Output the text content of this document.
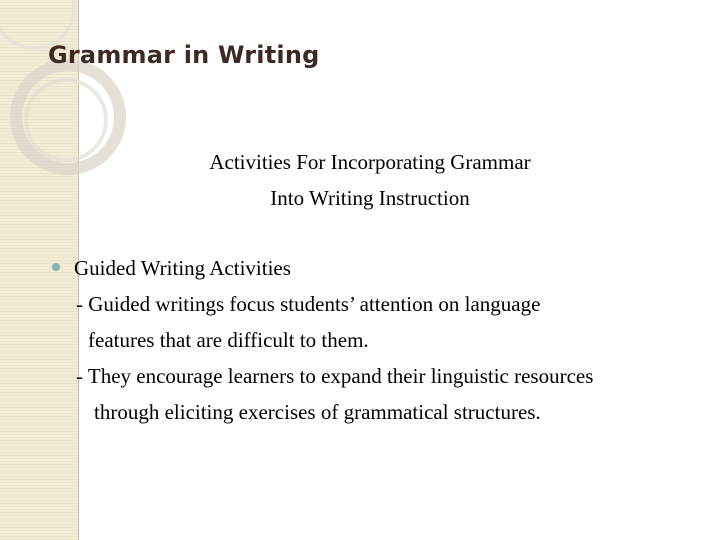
Grammar in Writing
Activities For Incorporating Grammar
Into Writing Instruction
Guided Writing Activities
- Guided writings focus students’ attention on language
features that are difficult to them.
- They encourage learners to expand their linguistic resources
through eliciting exercises of grammatical structures.
